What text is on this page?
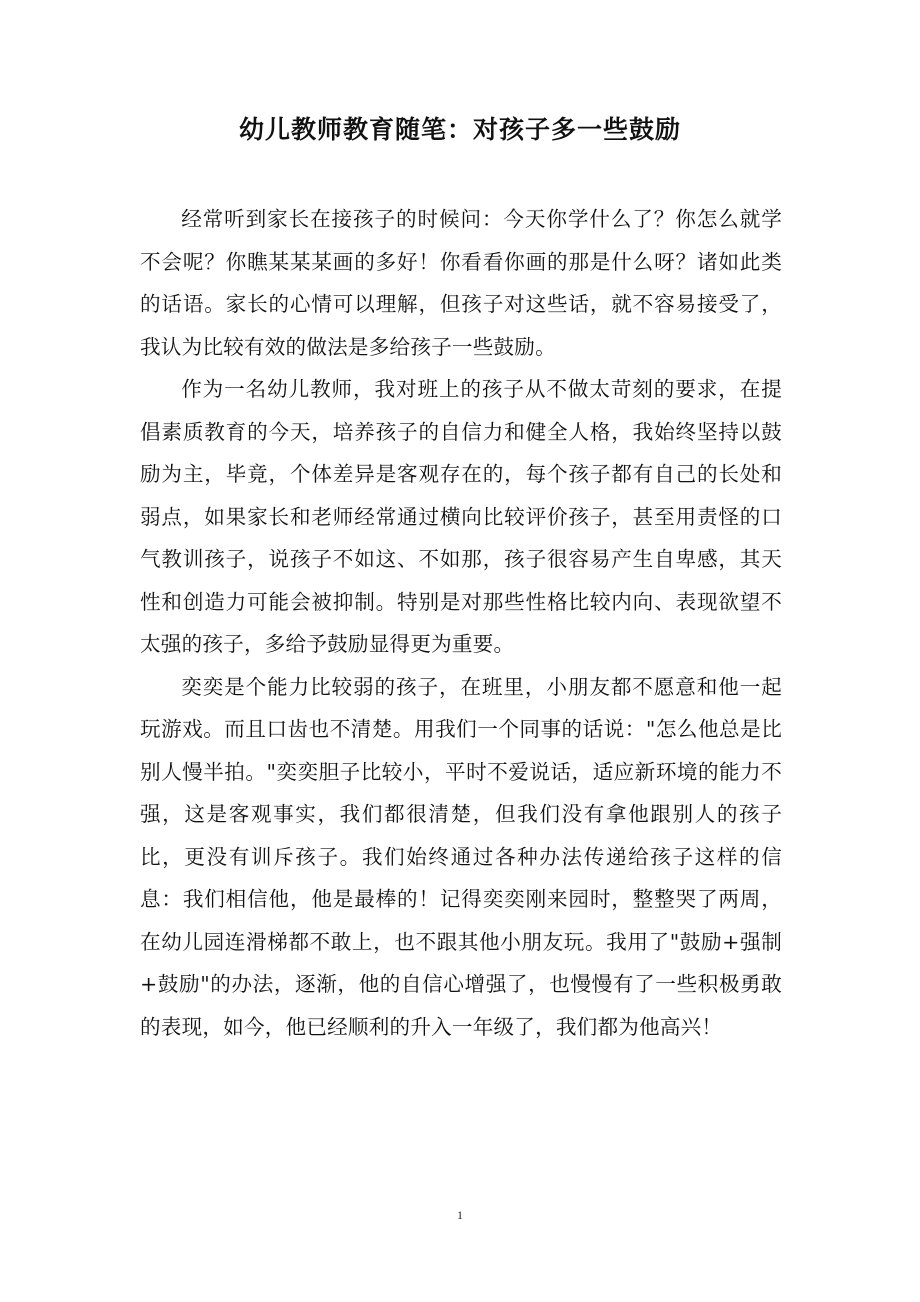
幼儿教师教育随笔：对孩子多一些鼓励

经常听到家长在接孩子的时候问：今天你学什么了？你怎么就学不会呢？你瞧某某某画的多好！你看看你画的那是什么呀？诸如此类的话语。家长的心情可以理解，但孩子对这些话，就不容易接受了，我认为比较有效的做法是多给孩子一些鼓励。

作为一名幼儿教师，我对班上的孩子从不做太苛刻的要求，在提倡素质教育的今天，培养孩子的自信力和健全人格，我始终坚持以鼓励为主，毕竟，个体差异是客观存在的，每个孩子都有自己的长处和弱点，如果家长和老师经常通过横向比较评价孩子，甚至用责怪的口气教训孩子，说孩子不如这、不如那，孩子很容易产生自卑感，其天性和创造力可能会被抑制。特别是对那些性格比较内向、表现欲望不太强的孩子，多给予鼓励显得更为重要。

奕奕是个能力比较弱的孩子，在班里，小朋友都不愿意和他一起玩游戏。而且口齿也不清楚。用我们一个同事的话说："怎么他总是比别人慢半拍。"奕奕胆子比较小，平时不爱说话，适应新环境的能力不强，这是客观事实，我们都很清楚，但我们没有拿他跟别人的孩子比，更没有训斥孩子。我们始终通过各种办法传递给孩子这样的信息：我们相信他，他是最棒的！记得奕奕刚来园时，整整哭了两周，在幼儿园连滑梯都不敢上，也不跟其他小朋友玩。我用了"鼓励+强制+鼓励"的办法，逐渐，他的自信心增强了，也慢慢有了一些积极勇敢的表现，如今，他已经顺利的升入一年级了，我们都为他高兴！

1
